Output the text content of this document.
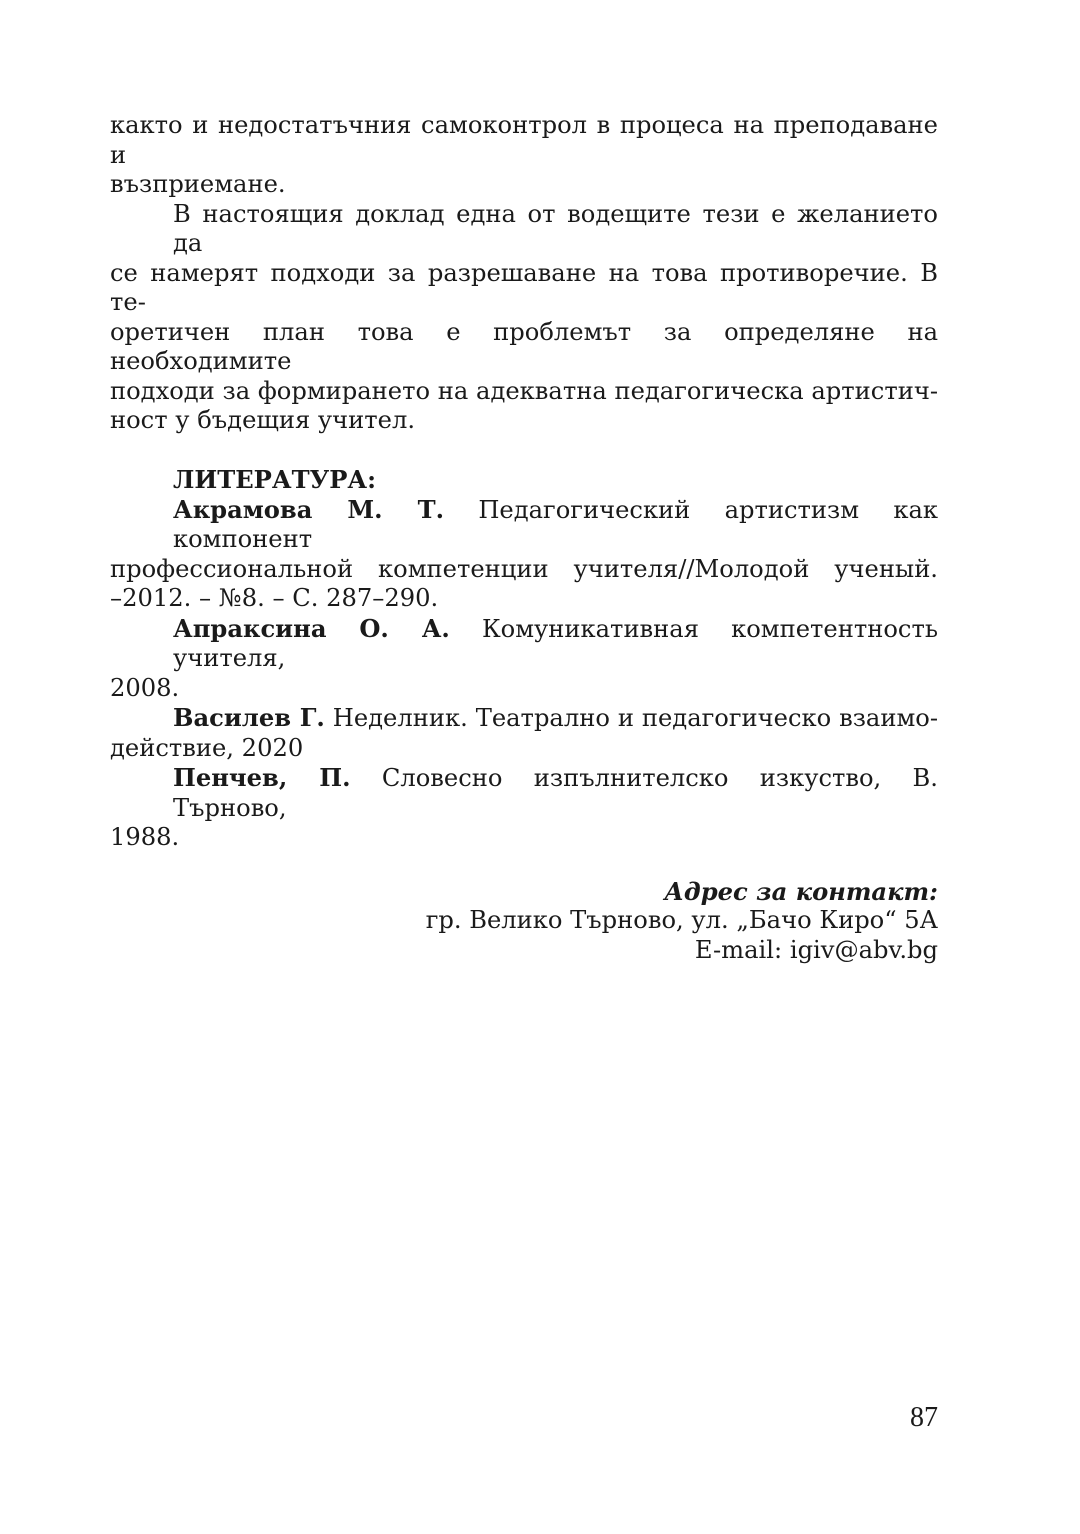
както и недостатъчния самоконтрол в процеса на преподаване и
възприемане.
В настоящия доклад една от водещите тези е желанието да
се намерят подходи за разрешаване на това противоречие. В те-
оретичен план това е проблемът за определяне на необходимите
подходи за формирането на адекватна педагогическа артистич-
ност у бъдещия учител.
ЛИТЕРАТУРА:
Акрамова М. Т. Педагогический артистизм как компонент
профессиональной компетенции учителя//Молодой ученый.
–2012. – №8. – С. 287–290.
Апраксина О. А. Комуникативная компетентность учителя,
2008.
Василев Г. Неделник. Театрално и педагогическо взаимо-
действие, 2020
Пенчев, П. Словесно изпълнителско изкуство, В. Търново,
1988.
Адрес за контакт:
гр. Велико Търново, ул. „Бачо Киро“ 5А
E-mail: igiv@abv.bg
87
